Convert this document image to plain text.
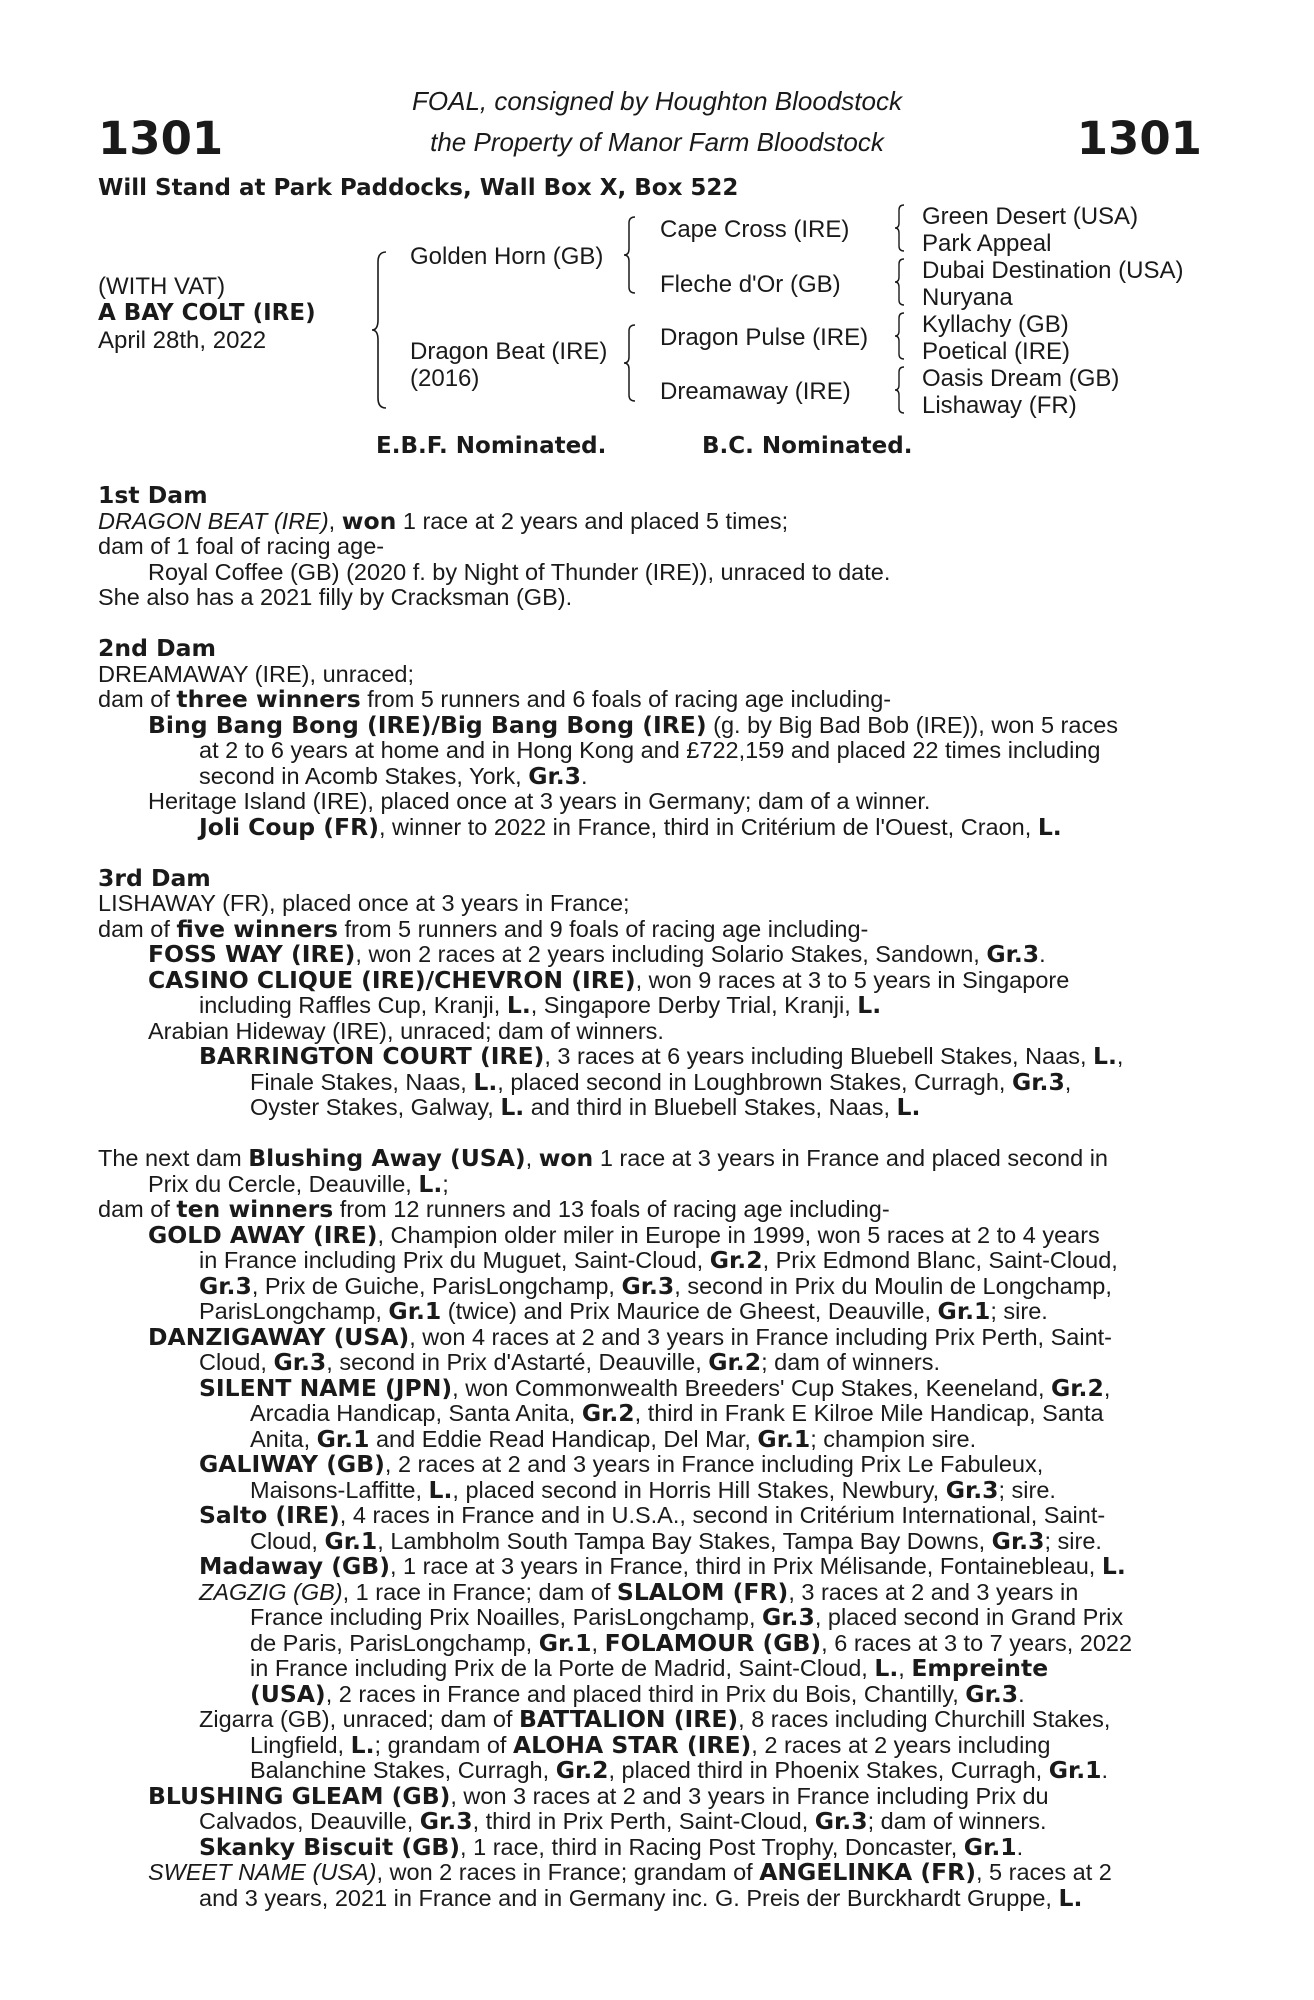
1301	1301
FOAL, consigned by Houghton Bloodstock
the Property of Manor Farm Bloodstock
Will Stand at Park Paddocks, Wall Box X, Box 522
(WITH VAT)
A BAY COLT (IRE)
April 28th, 2022
Golden Horn (GB)
Dragon Beat (IRE)
(2016)
Cape Cross (IRE)
Fleche d'Or (GB)
Dragon Pulse (IRE)
Dreamaway (IRE)
Green Desert (USA)
Park Appeal
Dubai Destination (USA)
Nuryana
Kyllachy (GB)
Poetical (IRE)
Oasis Dream (GB)
Lishaway (FR)
E.B.F. Nominated.	B.C. Nominated.
1st Dam
DRAGON BEAT (IRE), won 1 race at 2 years and placed 5 times;
dam of 1 foal of racing age-
Royal Coffee (GB) (2020 f. by Night of Thunder (IRE)), unraced to date.
She also has a 2021 filly by Cracksman (GB).
2nd Dam
DREAMAWAY (IRE), unraced;
dam of three winners from 5 runners and 6 foals of racing age including-
Bing Bang Bong (IRE)/Big Bang Bong (IRE) (g. by Big Bad Bob (IRE)), won 5 races
at 2 to 6 years at home and in Hong Kong and £722,159 and placed 22 times including
second in Acomb Stakes, York, Gr.3.
Heritage Island (IRE), placed once at 3 years in Germany; dam of a winner.
Joli Coup (FR), winner to 2022 in France, third in Critérium de l'Ouest, Craon, L.
3rd Dam
LISHAWAY (FR), placed once at 3 years in France;
dam of five winners from 5 runners and 9 foals of racing age including-
FOSS WAY (IRE), won 2 races at 2 years including Solario Stakes, Sandown, Gr.3.
CASINO CLIQUE (IRE)/CHEVRON (IRE), won 9 races at 3 to 5 years in Singapore
including Raffles Cup, Kranji, L., Singapore Derby Trial, Kranji, L.
Arabian Hideway (IRE), unraced; dam of winners.
BARRINGTON COURT (IRE), 3 races at 6 years including Bluebell Stakes, Naas, L.,
Finale Stakes, Naas, L., placed second in Loughbrown Stakes, Curragh, Gr.3,
Oyster Stakes, Galway, L. and third in Bluebell Stakes, Naas, L.
The next dam Blushing Away (USA), won 1 race at 3 years in France and placed second in
Prix du Cercle, Deauville, L.;
dam of ten winners from 12 runners and 13 foals of racing age including-
GOLD AWAY (IRE), Champion older miler in Europe in 1999, won 5 races at 2 to 4 years
in France including Prix du Muguet, Saint-Cloud, Gr.2, Prix Edmond Blanc, Saint-Cloud,
Gr.3, Prix de Guiche, ParisLongchamp, Gr.3, second in Prix du Moulin de Longchamp,
ParisLongchamp, Gr.1 (twice) and Prix Maurice de Gheest, Deauville, Gr.1; sire.
DANZIGAWAY (USA), won 4 races at 2 and 3 years in France including Prix Perth, Saint-
Cloud, Gr.3, second in Prix d'Astarté, Deauville, Gr.2; dam of winners.
SILENT NAME (JPN), won Commonwealth Breeders' Cup Stakes, Keeneland, Gr.2,
Arcadia Handicap, Santa Anita, Gr.2, third in Frank E Kilroe Mile Handicap, Santa
Anita, Gr.1 and Eddie Read Handicap, Del Mar, Gr.1; champion sire.
GALIWAY (GB), 2 races at 2 and 3 years in France including Prix Le Fabuleux,
Maisons-Laffitte, L., placed second in Horris Hill Stakes, Newbury, Gr.3; sire.
Salto (IRE), 4 races in France and in U.S.A., second in Critérium International, Saint-
Cloud, Gr.1, Lambholm South Tampa Bay Stakes, Tampa Bay Downs, Gr.3; sire.
Madaway (GB), 1 race at 3 years in France, third in Prix Mélisande, Fontainebleau, L.
ZAGZIG (GB), 1 race in France; dam of SLALOM (FR), 3 races at 2 and 3 years in
France including Prix Noailles, ParisLongchamp, Gr.3, placed second in Grand Prix
de Paris, ParisLongchamp, Gr.1, FOLAMOUR (GB), 6 races at 3 to 7 years, 2022
in France including Prix de la Porte de Madrid, Saint-Cloud, L., Empreinte
(USA), 2 races in France and placed third in Prix du Bois, Chantilly, Gr.3.
Zigarra (GB), unraced; dam of BATTALION (IRE), 8 races including Churchill Stakes,
Lingfield, L.; grandam of ALOHA STAR (IRE), 2 races at 2 years including
Balanchine Stakes, Curragh, Gr.2, placed third in Phoenix Stakes, Curragh, Gr.1.
BLUSHING GLEAM (GB), won 3 races at 2 and 3 years in France including Prix du
Calvados, Deauville, Gr.3, third in Prix Perth, Saint-Cloud, Gr.3; dam of winners.
Skanky Biscuit (GB), 1 race, third in Racing Post Trophy, Doncaster, Gr.1.
SWEET NAME (USA), won 2 races in France; grandam of ANGELINKA (FR), 5 races at 2
and 3 years, 2021 in France and in Germany inc. G. Preis der Burckhardt Gruppe, L.
